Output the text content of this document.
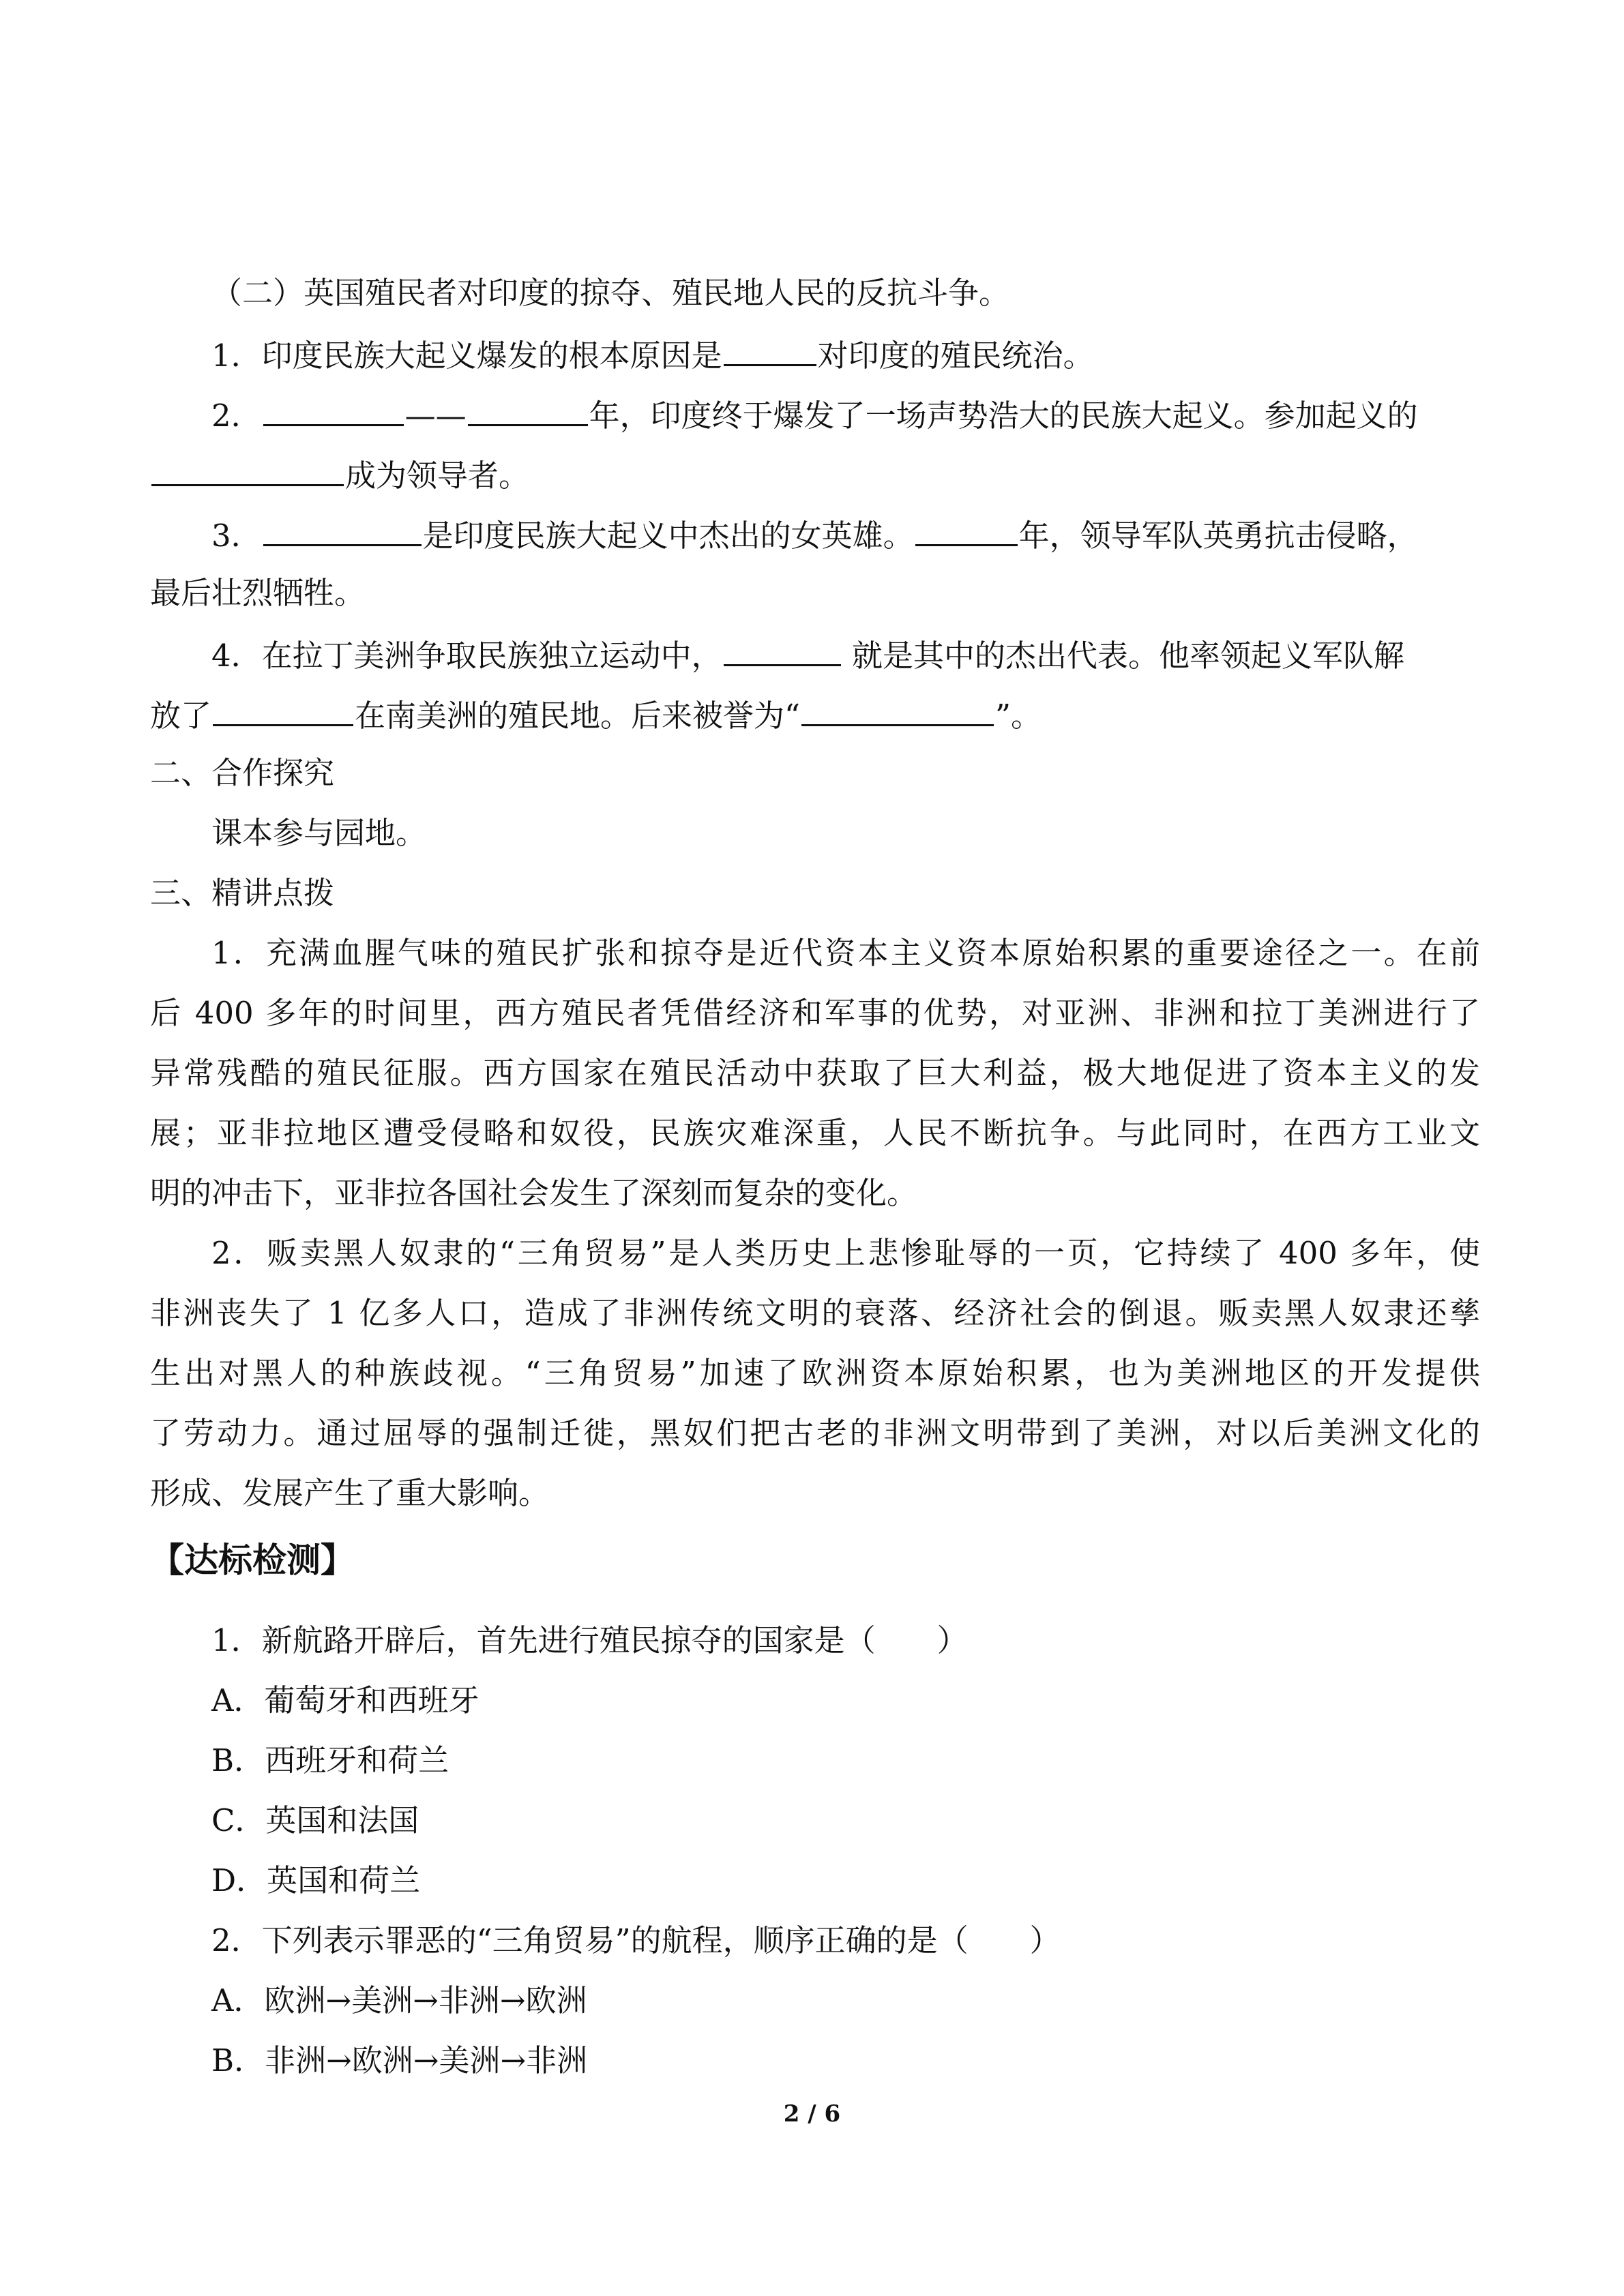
（二）英国殖民者对印度的掠夺、殖民地人民的反抗斗争。
1．印度民族大起义爆发的根本原因是	对印度的殖民统治。
2．	——	年，印度终于爆发了一场声势浩大的民族大起义。参加起义的
成为领导者。
3．	是印度民族大起义中杰出的女英雄。	年，领导军队英勇抗击侵略，
最后壮烈牺牲。
4．在拉丁美洲争取民族独立运动中，	就是其中的杰出代表。他率领起义军队解
放了	在南美洲的殖民地。后来被誉为“	”。
二、合作探究
课本参与园地。
三、精讲点拨
1．充满血腥气味的殖民扩张和掠夺是近代资本主义资本原始积累的重要途径之一。在前
后 400 多年的时间里，西方殖民者凭借经济和军事的优势，对亚洲、非洲和拉丁美洲进行了
异常残酷的殖民征服。西方国家在殖民活动中获取了巨大利益，极大地促进了资本主义的发
展；亚非拉地区遭受侵略和奴役，民族灾难深重，人民不断抗争。与此同时，在西方工业文
明的冲击下，亚非拉各国社会发生了深刻而复杂的变化。
2．贩卖黑人奴隶的“三角贸易”是人类历史上悲惨耻辱的一页，它持续了 400 多年，使
非洲丧失了 1 亿多人口，造成了非洲传统文明的衰落、经济社会的倒退。贩卖黑人奴隶还孳
生出对黑人的种族歧视。“三角贸易”加速了欧洲资本原始积累，也为美洲地区的开发提供
了劳动力。通过屈辱的强制迁徙，黑奴们把古老的非洲文明带到了美洲，对以后美洲文化的
形成、发展产生了重大影响。
【达标检测】
1．新航路开辟后，首先进行殖民掠夺的国家是（　　）
A．葡萄牙和西班牙
B．西班牙和荷兰
C．英国和法国
D．英国和荷兰
2．下列表示罪恶的“三角贸易”的航程，顺序正确的是（　　）
A．欧洲→美洲→非洲→欧洲
B．非洲→欧洲→美洲→非洲
2 / 6
